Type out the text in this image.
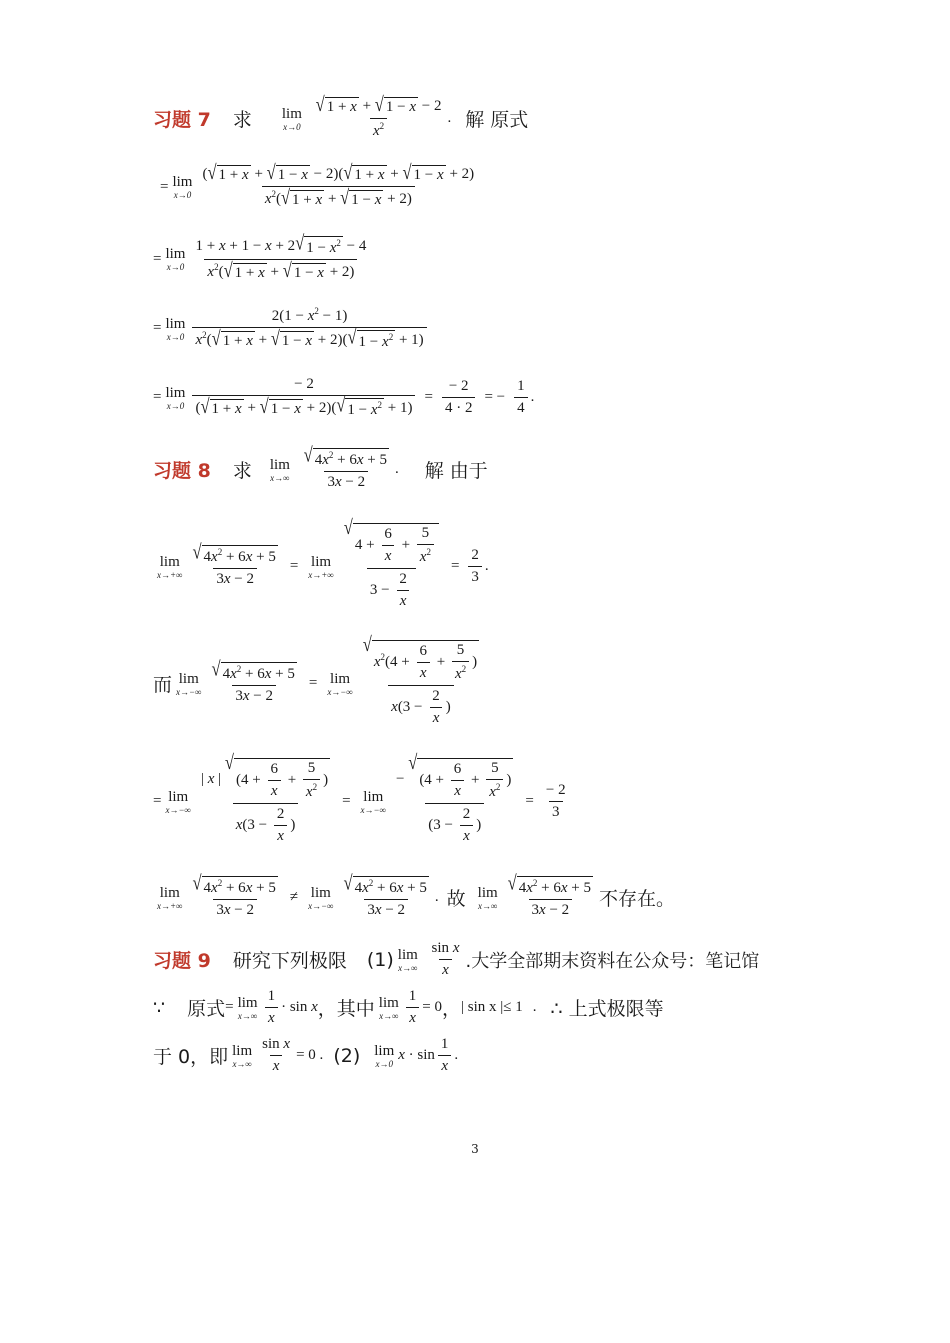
习题 7 求 lim
x→0
$\frac{√ 1 + x + √ 1 - x - 2}{x^2}$ . 解 原式
= lim
$x\to 0 \frac{( √ 1 + x + √ 1 - x - 2)( √ 1 + x + √ 1 - x + 2)}{x^2( √ 1 + x + √ 1 - x + 2)}$
= lim
$x\to 0 \frac{1 + x + 1 - x + 2 √ 1 - x^2 - 4}{x^2( √ 1 + x + √ 1 - x + 2)}$
= lim
$x\to 0 \frac{2(1 - x^2 - 1)}{x^2( √ 1 + x + √ 1 - x + 2)( √ 1 - x^2 + 1)}$
= lim
$x\to 0 \frac{- 2}{( √ 1 + x + √ 1 - x + 2)( √ 1 - x^2 + 1)} = \frac{- 2}{4 \cdot 2}$ = − $\frac{1}{4}$ .
习题 8 求 lim
x→∞
$\frac{√ 4x^2 + 6x + 5}{3x - 2}$ . 解 由于
lim
$x\to+\infty \frac{√ 4x^2 + 6x + 5}{3x - 2} = \lim$
x→+∞ √
$4 + \frac{6}{x} + \frac{5}{x^2}$
$3 - \frac{2}{x} = \frac{2}{3}$ .
而 lim
$x\to-\infty \frac{√ 4x^2 + 6x + 5}{3x - 2} = \lim$
x→−∞ √
$x^2(4 + \frac{6}{x} + \frac{5}{x^2}$ )
$x(3 - \frac{2}{x}$ )
= lim
x→−∞ | x |
√
($4 + \frac{6}{x} + \frac{5}{x^2}$ )
$x(3 - \frac{2}{x}$ ) = lim
x→−∞ −
√
($4 + \frac{6}{x} + \frac{5}{x^2}$ )
($3 - \frac{2}{x}$ ) = $\frac{- 2}{3}$
lim
$x\to+\infty \frac{√ 4x^2 + 6x + 5}{3x - 2} \ne \lim$
$x\to-\infty \frac{√ 4x^2 + 6x + 5}{3x - 2}$ . 故 lim
$x\to\infty \frac{√ 4x^2 + 6x + 5}{3x - 2}$ 不存在。
习题 9 研究下列极限 (1) lim
x→∞
$\frac{\text{sin x}}{x}$ .大学全部期末资料在公众号：笔记馆
∵ 原式 = lim
$x\to\infty \frac{1}{x} \cdot \sin x$ ，其中 lim
$x\to\infty \frac{1}{x} = 0$ ， | sin x |≤ 1 . ∴ 上式极限等
于 0，即 lim
$x\to\infty \frac{\text{sin x}}{x} = 0$ . (2) lim
x→0
$x \cdot \sin \frac{1}{x}$ .
3
